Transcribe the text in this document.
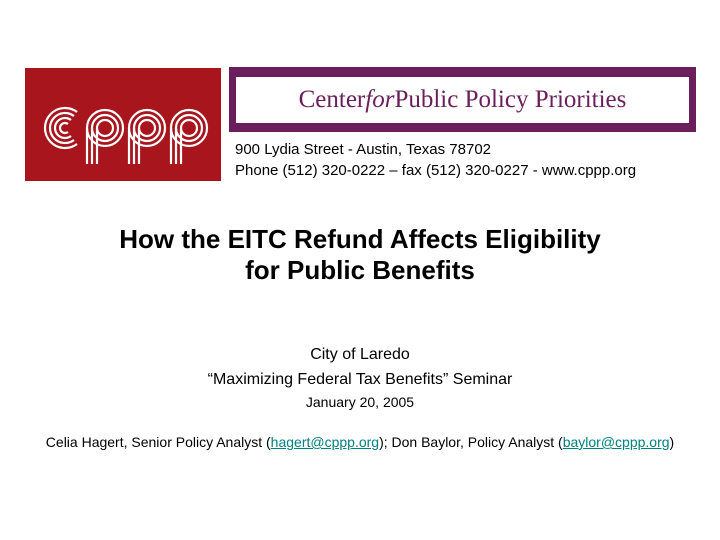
Center for Public Policy Priorities
900 Lydia Street - Austin, Texas 78702
Phone (512) 320-0222 – fax (512) 320-0227 - www.cppp.org
How the EITC Refund Affects Eligibility
for Public Benefits
City of Laredo
“Maximizing Federal Tax Benefits” Seminar
January 20, 2005
Celia Hagert, Senior Policy Analyst (hagert@cppp.org); Don Baylor, Policy Analyst (baylor@cppp.org)
